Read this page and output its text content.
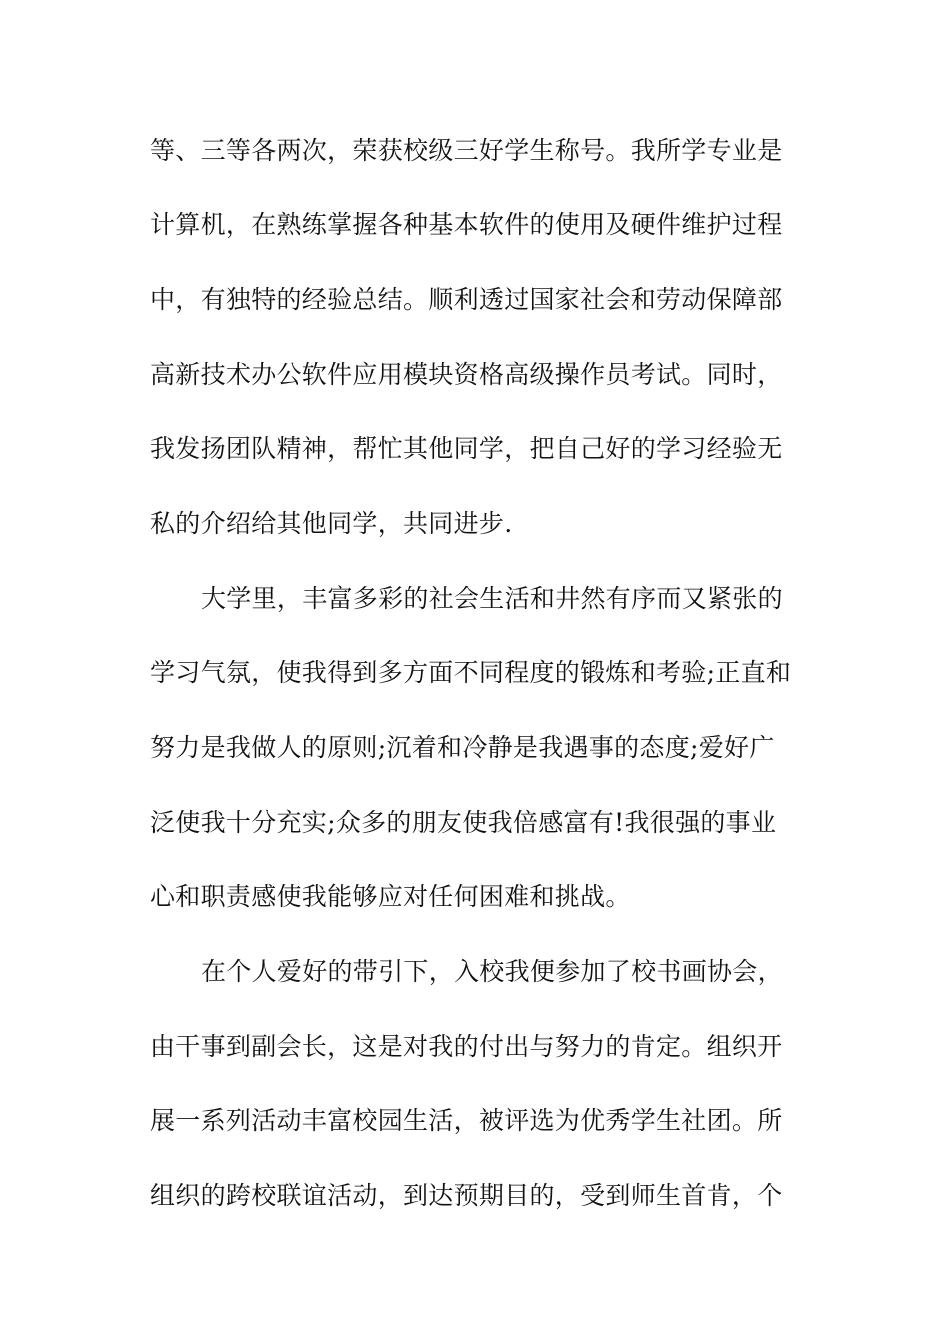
等、三等各两次，荣获校级三好学生称号。我所学专业是
计算机，在熟练掌握各种基本软件的使用及硬件维护过程
中，有独特的经验总结。顺利透过国家社会和劳动保障部
高新技术办公软件应用模块资格高级操作员考试。同时，
我发扬团队精神，帮忙其他同学，把自己好的学习经验无
私的介绍给其他同学，共同进步.
大学里，丰富多彩的社会生活和井然有序而又紧张的
学习气氛，使我得到多方面不同程度的锻炼和考验;正直和
努力是我做人的原则;沉着和冷静是我遇事的态度;爱好广
泛使我十分充实;众多的朋友使我倍感富有!我很强的事业
心和职责感使我能够应对任何困难和挑战。
在个人爱好的带引下，入校我便参加了校书画协会，
由干事到副会长，这是对我的付出与努力的肯定。组织开
展一系列活动丰富校园生活，被评选为优秀学生社团。所
组织的跨校联谊活动，到达预期目的，受到师生首肯，个
